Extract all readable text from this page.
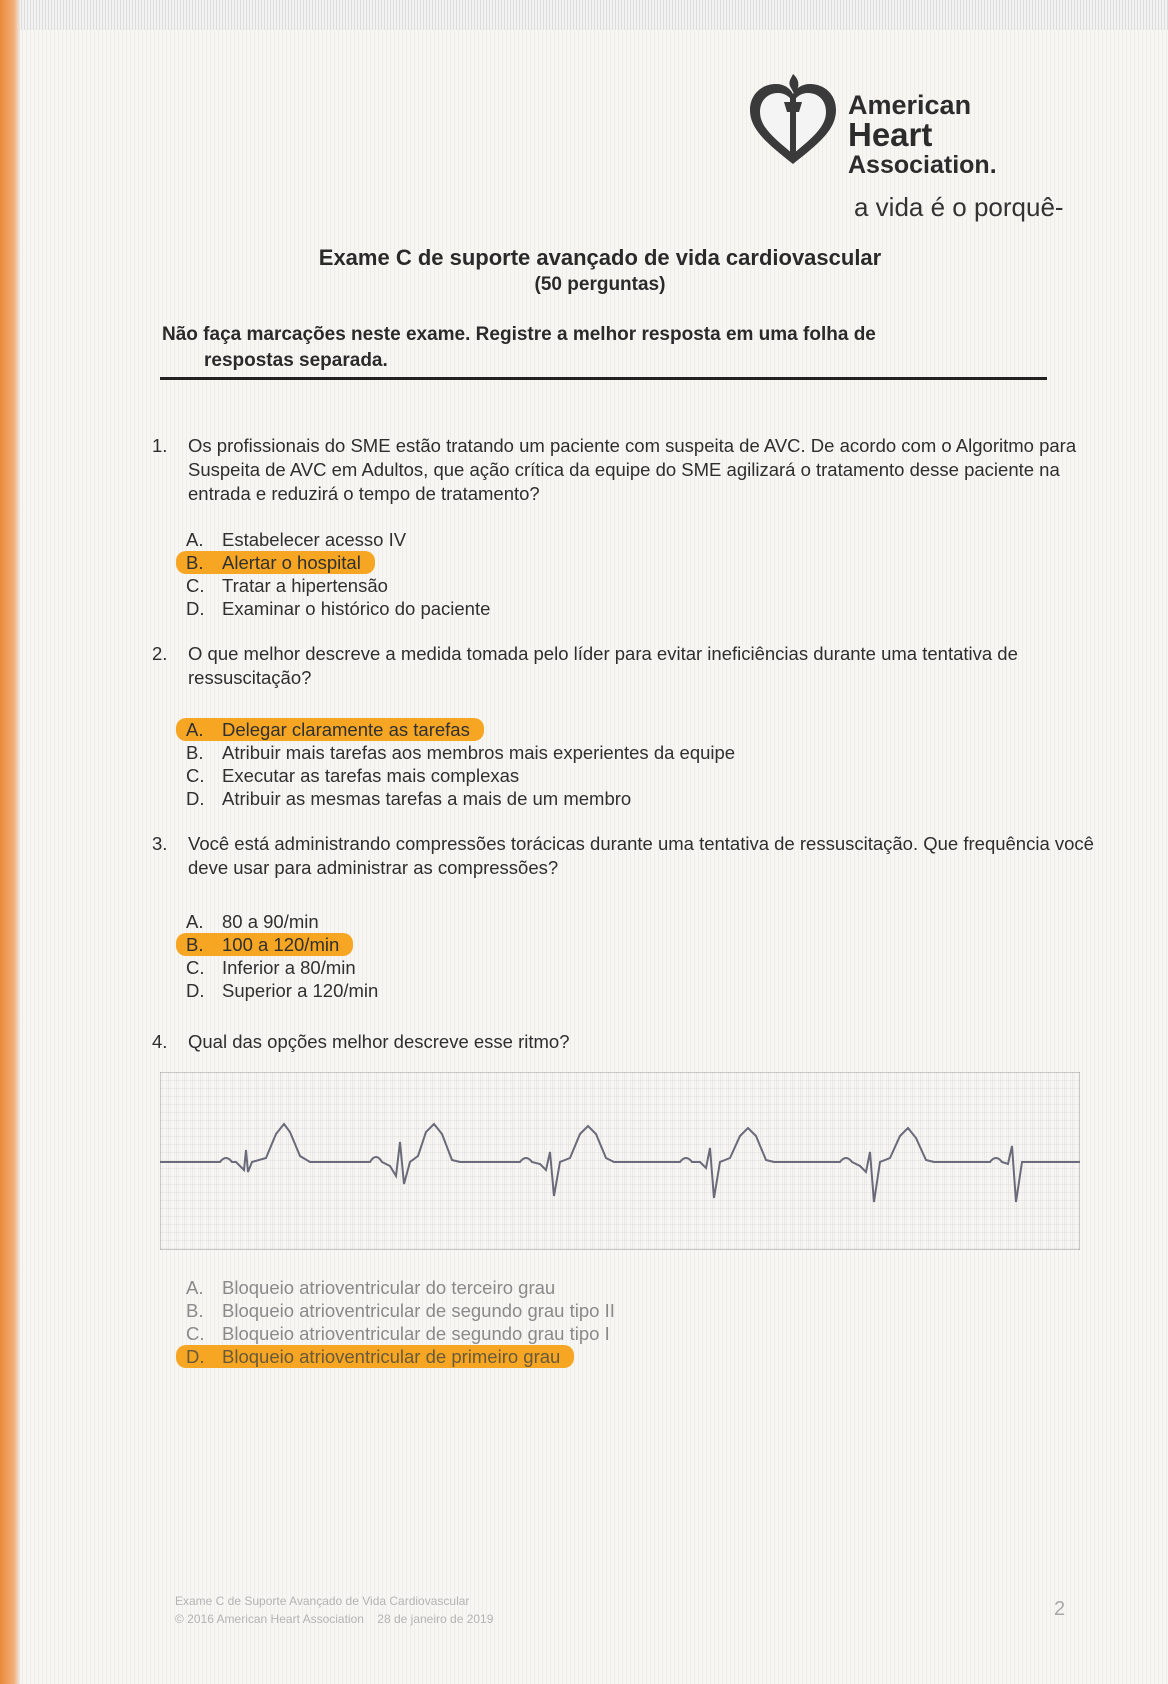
American
Heart
Association.
a vida é o porquê-
Exame C de suporte avançado de vida cardiovascular
(50 perguntas)
Não faça marcações neste exame. Registre a melhor resposta em uma folha de
respostas separada.
1. Os profissionais do SME estão tratando um paciente com suspeita de AVC. De acordo com o Algoritmo para Suspeita de AVC em Adultos, que ação crítica da equipe do SME agilizará o tratamento desse paciente na entrada e reduzirá o tempo de tratamento?
A. Estabelecer acesso IV
B. Alertar o hospital
C. Tratar a hipertensão
D. Examinar o histórico do paciente
2. O que melhor descreve a medida tomada pelo líder para evitar ineficiências durante uma tentativa de ressuscitação?
A. Delegar claramente as tarefas
B. Atribuir mais tarefas aos membros mais experientes da equipe
C. Executar as tarefas mais complexas
D. Atribuir as mesmas tarefas a mais de um membro
3. Você está administrando compressões torácicas durante uma tentativa de ressuscitação. Que frequência você deve usar para administrar as compressões?
A. 80 a 90/min
B. 100 a 120/min
C. Inferior a 80/min
D. Superior a 120/min
4. Qual das opções melhor descreve esse ritmo?
A. Bloqueio atrioventricular do terceiro grau
B. Bloqueio atrioventricular de segundo grau tipo II
C. Bloqueio atrioventricular de segundo grau tipo I
D. Bloqueio atrioventricular de primeiro grau
Exame C de Suporte Avançado de Vida Cardiovascular
© 2016 American Heart Association 28 de janeiro de 2019	2
